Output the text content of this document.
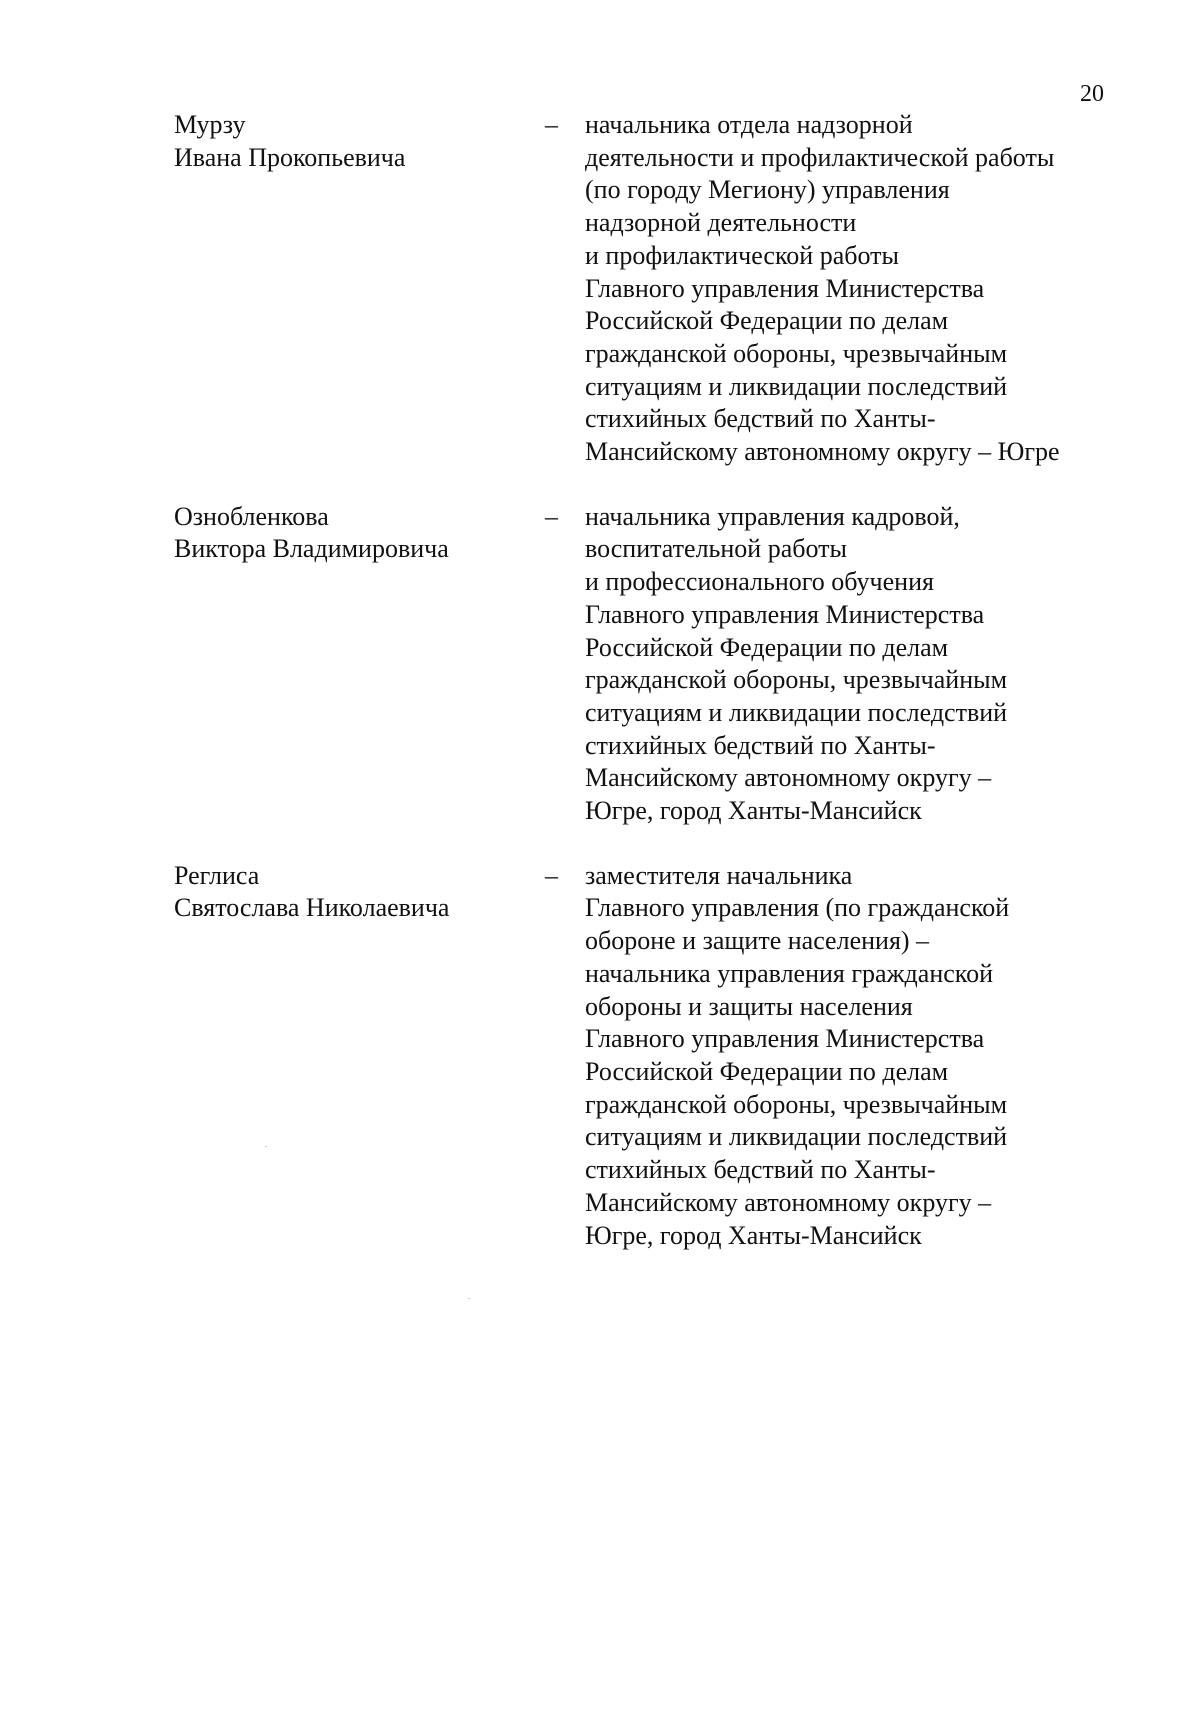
20
Мурзу
Ивана Прокопьевича
– начальника отдела надзорной
деятельности и профилактической работы
(по городу Мегиону) управления
надзорной деятельности
и профилактической работы
Главного управления Министерства
Российской Федерации по делам
гражданской обороны, чрезвычайным
ситуациям и ликвидации последствий
стихийных бедствий по Ханты-
Мансийскому автономному округу – Югре
Ознобленкова
Виктора Владимировича
– начальника управления кадровой,
воспитательной работы
и профессионального обучения
Главного управления Министерства
Российской Федерации по делам
гражданской обороны, чрезвычайным
ситуациям и ликвидации последствий
стихийных бедствий по Ханты-
Мансийскому автономному округу –
Югре, город Ханты-Мансийск
Реглиса
Святослава Николаевича
– заместителя начальника
Главного управления (по гражданской
обороне и защите населения) –
начальника управления гражданской
обороны и защиты населения
Главного управления Министерства
Российской Федерации по делам
гражданской обороны, чрезвычайным
ситуациям и ликвидации последствий
стихийных бедствий по Ханты-
Мансийскому автономному округу –
Югре, город Ханты-Мансийск
